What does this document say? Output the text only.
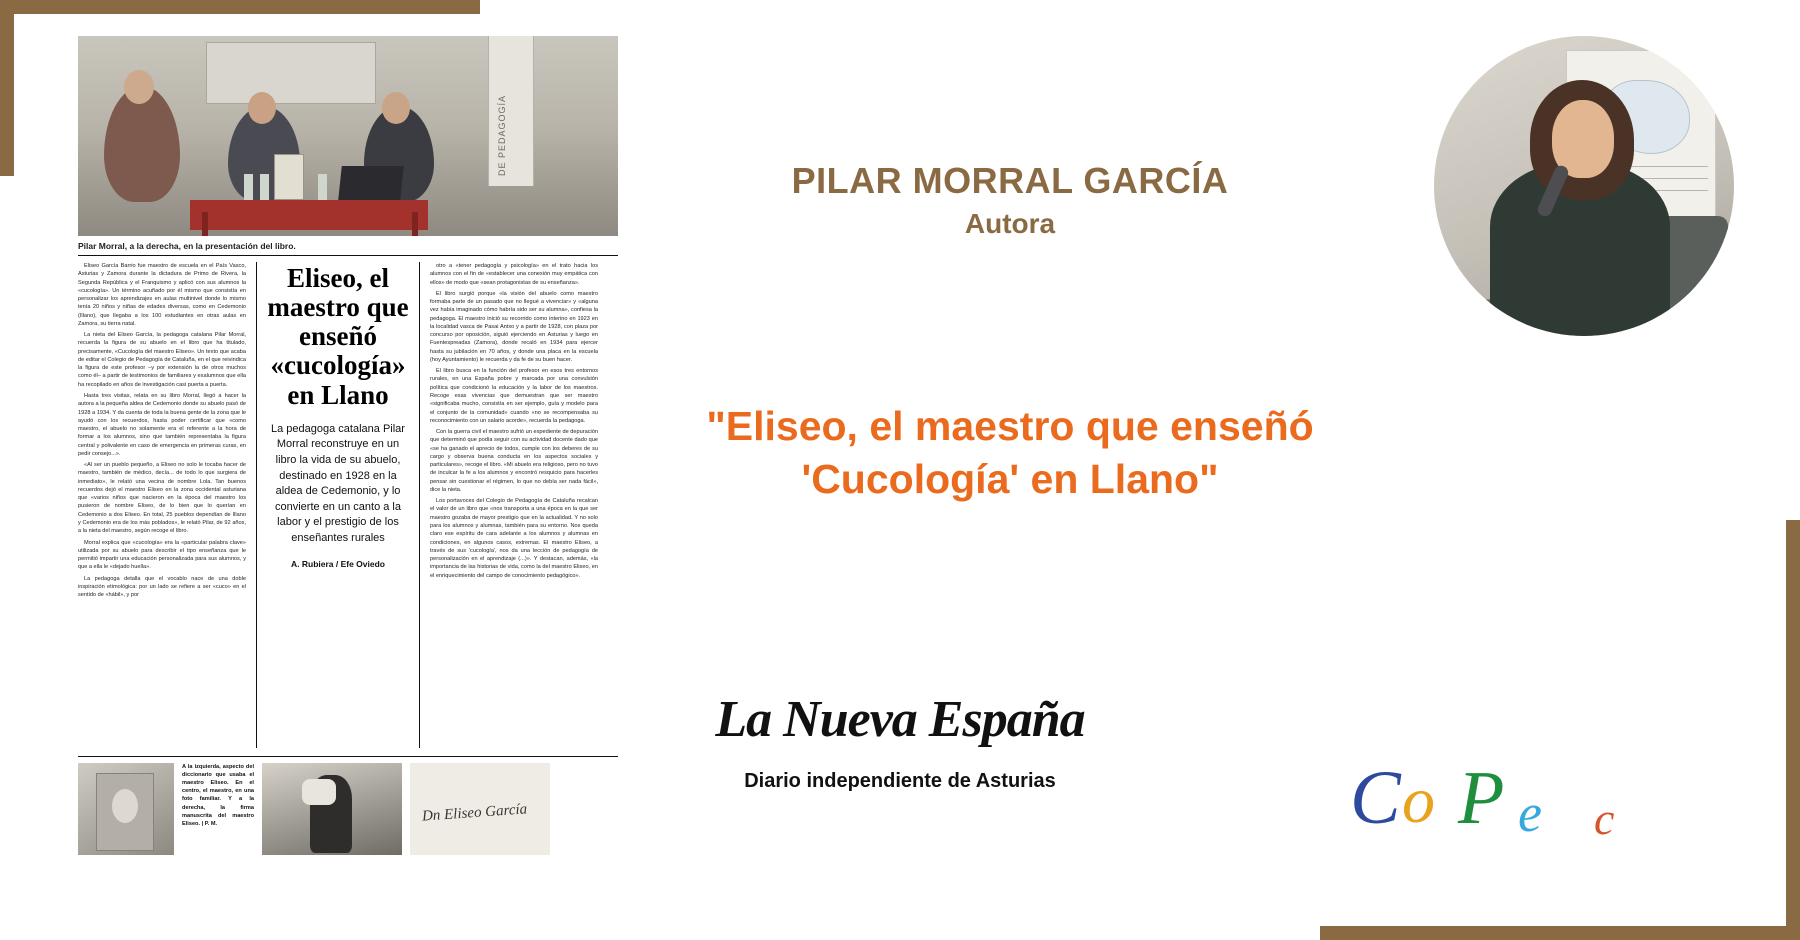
DE PEDAGOGÍA
Pilar Morral, a la derecha, en la presentación del libro.

Eliseo García Barrio fue maestro de escuela en el País Vasco, Asturias y Zamora durante la dictadura de Primo de Rivera, la Segunda República y el Franquismo y aplicó con sus alumnos la «cucología». Un término acuñado por él mismo que consistía en personalizar los aprendizajes en aulas multinivel donde lo mismo tenía 20 niños y niñas de edades diversas, como en Cedemonio (Illano), que llegaba a los 100 estudiantes en otras aulas en Zamora, su tierra natal.

La nieta del Eliseo García, la pedagoga catalana Pilar Morral, recuerda la figura de su abuelo en el libro que ha titulado, precisamente, «Cucología del maestro Eliseo». Un texto que acaba de editar el Colegio de Pedagogía de Cataluña, en el que reivindica la figura de este profesor –y por extensión la de otros muchos como él– a partir de testimonios de familiares y exalumnos que ella ha recopilado en años de investigación casi puerta a puerta.

Hasta tres visitas, relata en su libro Morral, llegó a hacer la autora a la pequeña aldea de Cedemonio donde su abuelo pasó de 1928 a 1934. Y da cuenta de toda la buena gente de la zona que le ayudó con los recuerdos, hasta poder certificar que «como maestro, el abuelo no solamente era el referente a la hora de formar a los alumnos, sino que también representaba la figura central y polivalente en caso de emergencia en primeras curas, en pedir consejo...».

«Al ser un pueblo pequeño, a Eliseo no solo le tocaba hacer de maestro, también de médico, decía... de todo lo que surgiera de inmediato», le relató una vecina de nombre Lola. Tan buenos recuerdos dejó el maestro Eliseo en la zona occidental asturiana que «varios niños que nacieron en la época del maestro los pusieron de nombre Eliseo, de lo bien que lo querían en Cedemonio a dos Eliseo. En total, 25 pueblos dependían de Illano y Cedemonio era de los más poblados», le relató Pilar, de 92 años, a la nieta del maestro, según recoge el libro.

Morral explica que «cucología» era la «particular palabra clave» utilizada por su abuelo para describir el tipo enseñanza que le permitió impartir una educación personalizada para sus alumnos, y que a ella le «dejado huella».

La pedagoga detalla que el vocablo nace de una doble inspiración etimológica: por un lado se refiere a ser «cuco» en el sentido de «hábil», y por

Eliseo, el maestro que enseñó «cucología» en Llano
La pedagoga catalana Pilar Morral reconstruye en un libro la vida de su abuelo, destinado en 1928 en la aldea de Cedemonio, y lo convierte en un canto a la labor y el prestigio de los enseñantes rurales
A. Rubiera / Efe Oviedo

otro a «tener pedagogía y psicología» en el trato hacia los alumnos con el fin de «establecer una conexión muy empática con ellos» de modo que «sean protagonistas de su enseñanza».

El libro surgió porque «la visión del abuelo como maestro formaba parte de un pasado que no llegué a vivenciar» y «alguna vez había imaginado cómo habría sido ser su alumna», confiesa la pedagoga. El maestro inició su recorrido como interino en 1923 en la localidad vasca de Pasai Antxo y a partir de 1928, con plaza por concurso por oposición, siguió ejerciendo en Asturias y luego en Fuentespreadas (Zamora), donde recaló en 1934 para ejercer hasta su jubilación en 70 años, y donde una placa en la escuela (hoy Ayuntamiento) le recuerda y da fe de su buen hacer.

El libro busca en la función del profesor en esos tres entornos rurales, en una España pobre y marcada por una convulsión política que condicionó la educación y la labor de los maestros. Recoge esas vivencias que demuestran que ser maestro «significaba mucho, consistía en ser ejemplo, guía y modelo para el conjunto de la comunidad» cuando «no se recompensaba su reconocimiento con un salario acorde», recuerda la pedagoga.

Con la guerra civil el maestro sufrió un expediente de depuración que determinó que podía seguir con su actividad docente dado que «se ha ganado el aprecio de todos, cumple con los deberes de su cargo y observa buena conducta en los aspectos sociales y particulares», recoge el libro. «Mi abuelo era religioso, pero no tuvo de inculcar la fe a los alumnos y encontró resquicio para hacerles pensar sin cuestionar el régimen, lo que no debía ser nada fácil», dice la nieta.

Los portavoces del Colegio de Pedagogía de Cataluña recalcan el valor de un libro que «nos transporta a una época en la que ser maestro gozaba de mayor prestigio que en la actualidad. Y no solo para los alumnos y alumnas, también para su entorno. Nos queda claro ese espíritu de cara adelante a los alumnos y alumnas en condiciones, en algunos casos, extremas. El maestro Eliseo, a través de sus 'cucología', nos da una lección de pedagogía de personalización en el aprendizaje (...)». Y destacan, además, «la importancia de las historias de vida, como la del maestro Eliseo, en el enriquecimiento del campo de conocimiento pedagógico».

A la izquierda, aspecto del diccionario que usaba el maestro Eliseo. En el centro, el maestro, en una foto familiar. Y a la derecha, la firma manuscrita del maestro Eliseo. | P. M.	Dn Eliseo García
PILAR MORRAL GARCÍA
Autora
"Eliseo, el maestro que enseñó 'Cucología' en Llano"
La Nueva España
Diario independiente de Asturias	C o P e c
